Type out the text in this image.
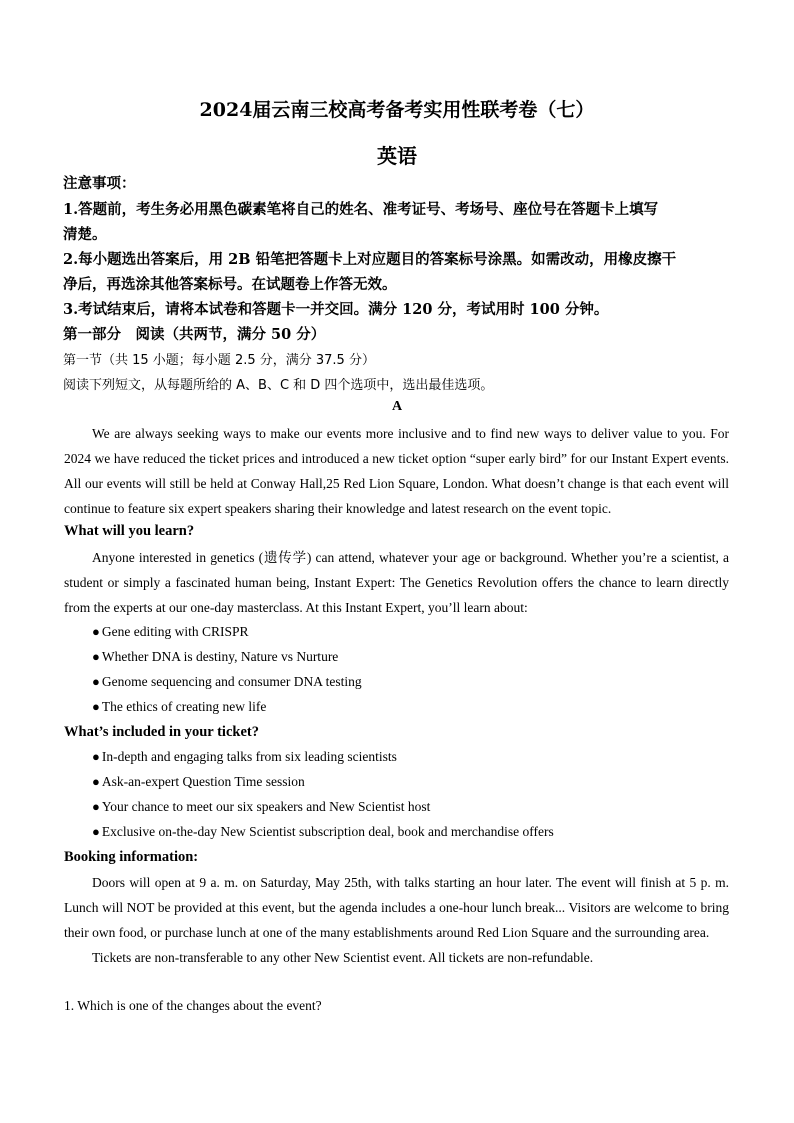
2024届云南三校高考备考实用性联考卷（七）
英语
注意事项：
1.答题前，考生务必用黑色碳素笔将自己的姓名、准考证号、考场号、座位号在答题卡上填写
清楚。
2.每小题选出答案后，用 2B 铅笔把答题卡上对应题目的答案标号涂黑。如需改动，用橡皮擦干
净后，再选涂其他答案标号。在试题卷上作答无效。
3.考试结束后，请将本试卷和答题卡一并交回。满分 120 分，考试用时 100 分钟。
第一部分　阅读（共两节，满分 50 分）
第一节（共 15 小题；每小题 2.5 分，满分 37.5 分）
阅读下列短文，从每题所给的 A、B、C 和 D 四个选项中，选出最佳选项。
A

We are always seeking ways to make our events more inclusive and to find new ways to deliver value to you. For 2024 we have reduced the ticket prices and introduced a new ticket option “super early bird” for our Instant Expert events. All our events will still be held at Conway Hall,25 Red Lion Square, London. What doesn’t change is that each event will continue to feature six expert speakers sharing their knowledge and latest research on the event topic.

What will you learn?

Anyone interested in genetics (遗传学) can attend, whatever your age or background. Whether you’re a scientist, a student or simply a fascinated human being, Instant Expert: The Genetics Revolution offers the chance to learn directly from the experts at our one-day masterclass. At this Instant Expert, you’ll learn about:

● Gene editing with CRISPR
● Whether DNA is destiny, Nature vs Nurture
● Genome sequencing and consumer DNA testing
● The ethics of creating new life
What’s included in your ticket?
● In-depth and engaging talks from six leading scientists
● Ask-an-expert Question Time session
● Your chance to meet our six speakers and New Scientist host
● Exclusive on-the-day New Scientist subscription deal, book and merchandise offers
Booking information:

Doors will open at 9 a. m. on Saturday, May 25th, with talks starting an hour later. The event will finish at 5 p. m. Lunch will NOT be provided at this event, but the agenda includes a one-hour lunch break... Visitors are welcome to bring their own food, or purchase lunch at one of the many establishments around Red Lion Square and the surrounding area.

Tickets are non-transferable to any other New Scientist event. All tickets are non-refundable.

1. Which is one of the changes about the event?
